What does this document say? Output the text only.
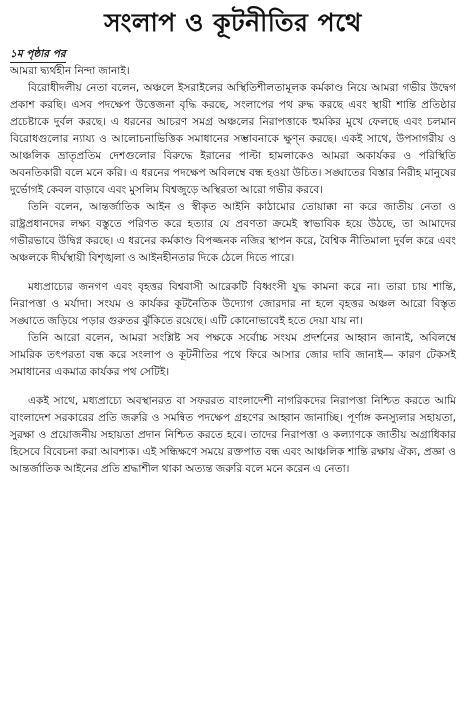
সংলাপ ও কূটনীতির পথে
১ম পৃষ্ঠার পর

আমরা দ্ব্যর্থহীন নিন্দা জানাই।

বিরোধীদলীয় নেতা বলেন, অঞ্চলে ইসরাইলের অস্থিতিশীলতামূলক কর্মকাণ্ড নিয়ে আমরা গভীর উদ্বেগ প্রকাশ করছি। এসব পদক্ষেপ উত্তেজনা বৃদ্ধি করছে, সংলাপের পথ রুদ্ধ করছে এবং স্থায়ী শান্তি প্রতিষ্ঠার প্রচেষ্টাকে দুর্বল করছে। এ ধরনের আচরণ সমগ্র অঞ্চলের নিরাপত্তাকে হুমকির মুখে ফেলছে এবং চলমান বিরোধগুলোর ন্যায্য ও আলোচনাভিত্তিক সমাধানের সম্ভাবনাকে ক্ষুণ্ন করছে। একই সাথে, উপসাগরীয় ও আঞ্চলিক ভ্রাতৃপ্রতিম দেশগুলোর বিরুদ্ধে ইরানের পাল্টা হামলাকেও আমরা অকার্যকর ও পরিস্থিতি অবনতিকারী বলে মনে করি। এ ধরনের পদক্ষেপ অবিলম্বে বন্ধ হওয়া উচিত। সঙ্ঘাতের বিস্তার নিরীহ মানুষের দুর্ভোগই কেবল বাড়াবে এবং মুসলিম বিশ্বজুড়ে অস্থিরতা আরো গভীর করবে।

তিনি বলেন, আন্তর্জাতিক আইন ও স্বীকৃত আইনি কাঠামোর তোয়াক্কা না করে জাতীয় নেতা ও রাষ্ট্রপ্রধানদের লক্ষ্য বস্তুতে পরিণত করে হত্যার যে প্রবণতা ক্রমেই স্বাভাবিক হয়ে উঠছে, তা আমাদের গভীরভাবে উদ্বিগ্ন করছে। এ ধরনের কর্মকাণ্ড বিপজ্জনক নজির স্থাপন করে, বৈশ্বিক নীতিমালা দুর্বল করে এবং অঞ্চলকে দীর্ঘস্থায়ী বিশৃঙ্খলা ও আইনহীনতার দিকে ঠেলে দিতে পারে।

মধ্যপ্রাচ্যের জনগণ এবং বৃহত্তর বিশ্ববাসী আরেকটি বিধ্বংসী যুদ্ধ কামনা করে না। তারা চায় শান্তি, নিরাপত্তা ও মর্যাদা। সংযম ও কার্যকর কূটনৈতিক উদ্যোগ জোরদার না হলে বৃহত্তর অঞ্চল আরো বিস্তৃত সঙ্ঘাতে জড়িয়ে পড়ার গুরুতর ঝুঁকিতে রয়েছে। এটি কোনোভাবেই হতে দেয়া যায় না।

তিনি আরো বলেন, আমরা সংশ্লিষ্ট সব পক্ষকে সর্বোচ্চ সংযম প্রদর্শনের আহ্বান জানাই, অবিলম্বে সামরিক তৎপরতা বন্ধ করে সংলাপ ও কূটনীতির পথে ফিরে আসার জোর দাবি জানাই— কারণ টেকসই সমাধানের একমাত্র কার্যকর পথ সেটিই।

একই সাথে, মধ্যপ্রাচ্যে অবস্থানরত বা সফররত বাংলাদেশী নাগরিকদের নিরাপত্তা নিশ্চিত করতে আমি বাংলাদেশ সরকারের প্রতি জরুরি ও সমন্বিত পদক্ষেপ গ্রহণের আহ্বান জানাচ্ছি। পূর্ণাঙ্গ কনস্যুলার সহায়তা, সুরক্ষা ও প্রয়োজনীয় সহায়তা প্রদান নিশ্চিত করতে হবে। তাদের নিরাপত্তা ও কল্যাণকে জাতীয় অগ্রাধিকার হিসেবে বিবেচনা করা আবশ্যক। এই সন্ধিক্ষণে সময়ে রক্তপাত বন্ধ এবং আঞ্চলিক শান্তি রক্ষায় ঐক্য, প্রজ্ঞা ও আন্তর্জাতিক আইনের প্রতি শ্রদ্ধাশীল থাকা অত্যন্ত জরুরি বলে মনে করেন এ নেতা।
